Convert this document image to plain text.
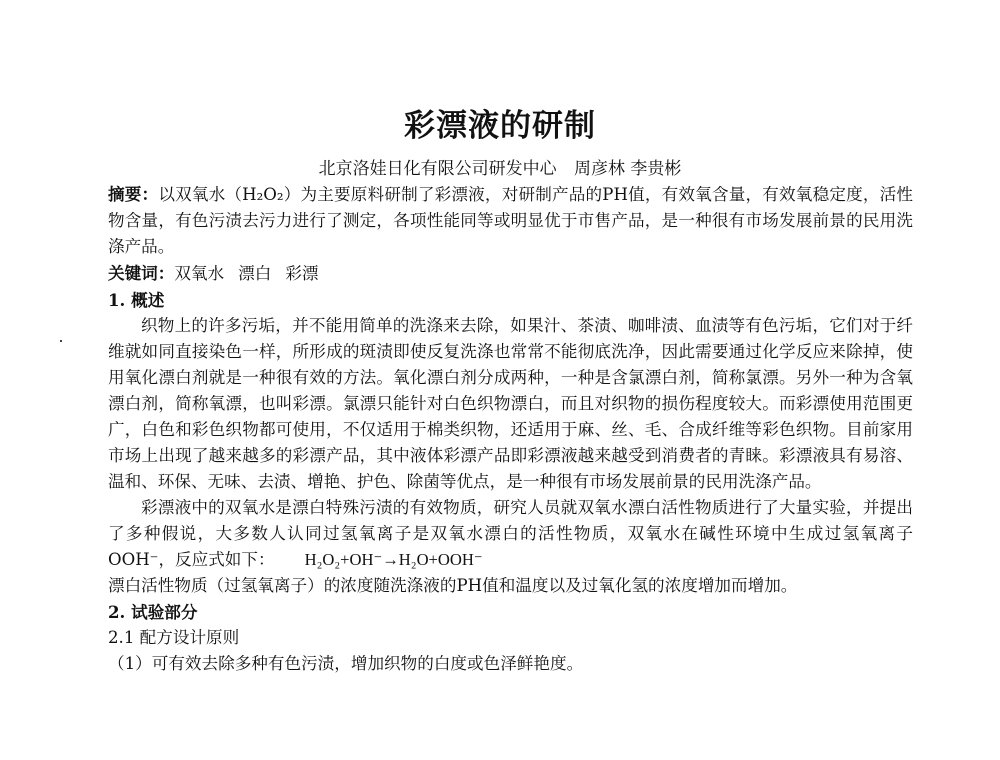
彩漂液的研制
北京洛娃日化有限公司研发中心 周彦林 李贵彬

摘要：以双氧水（H₂O₂）为主要原料研制了彩漂液，对研制产品的PH值，有效氧含量，有效氧稳定度，活性物含量，有色污渍去污力进行了测定，各项性能同等或明显优于市售产品，是一种很有市场发展前景的民用洗涤产品。

关键词：双氧水 漂白 彩漂

1. 概述

织物上的许多污垢，并不能用简单的洗涤来去除，如果汁、茶渍、咖啡渍、血渍等有色污垢，它们对于纤维就如同直接染色一样，所形成的斑渍即使反复洗涤也常常不能彻底洗净，因此需要通过化学反应来除掉，使用氧化漂白剂就是一种很有效的方法。氧化漂白剂分成两种，一种是含氯漂白剂，简称氯漂。另外一种为含氧漂白剂，简称氧漂，也叫彩漂。氯漂只能针对白色织物漂白，而且对织物的损伤程度较大。而彩漂使用范围更广，白色和彩色织物都可使用，不仅适用于棉类织物，还适用于麻、丝、毛、合成纤维等彩色织物。目前家用市场上出现了越来越多的彩漂产品，其中液体彩漂产品即彩漂液越来越受到消费者的青睐。彩漂液具有易溶、温和、环保、无味、去渍、增艳、护色、除菌等优点，是一种很有市场发展前景的民用洗涤产品。

彩漂液中的双氧水是漂白特殊污渍的有效物质，研究人员就双氧水漂白活性物质进行了大量实验，并提出了多种假说，大多数人认同过氢氧离子是双氧水漂白的活性物质，双氧水在碱性环境中生成过氢氧离子 OOH⁻，反应式如下： H₂O₂+OH⁻→H₂O+OOH⁻

漂白活性物质（过氢氧离子）的浓度随洗涤液的PH值和温度以及过氧化氢的浓度增加而增加。

2. 试验部分

2.1 配方设计原则

（1）可有效去除多种有色污渍，增加织物的白度或色泽鲜艳度。
